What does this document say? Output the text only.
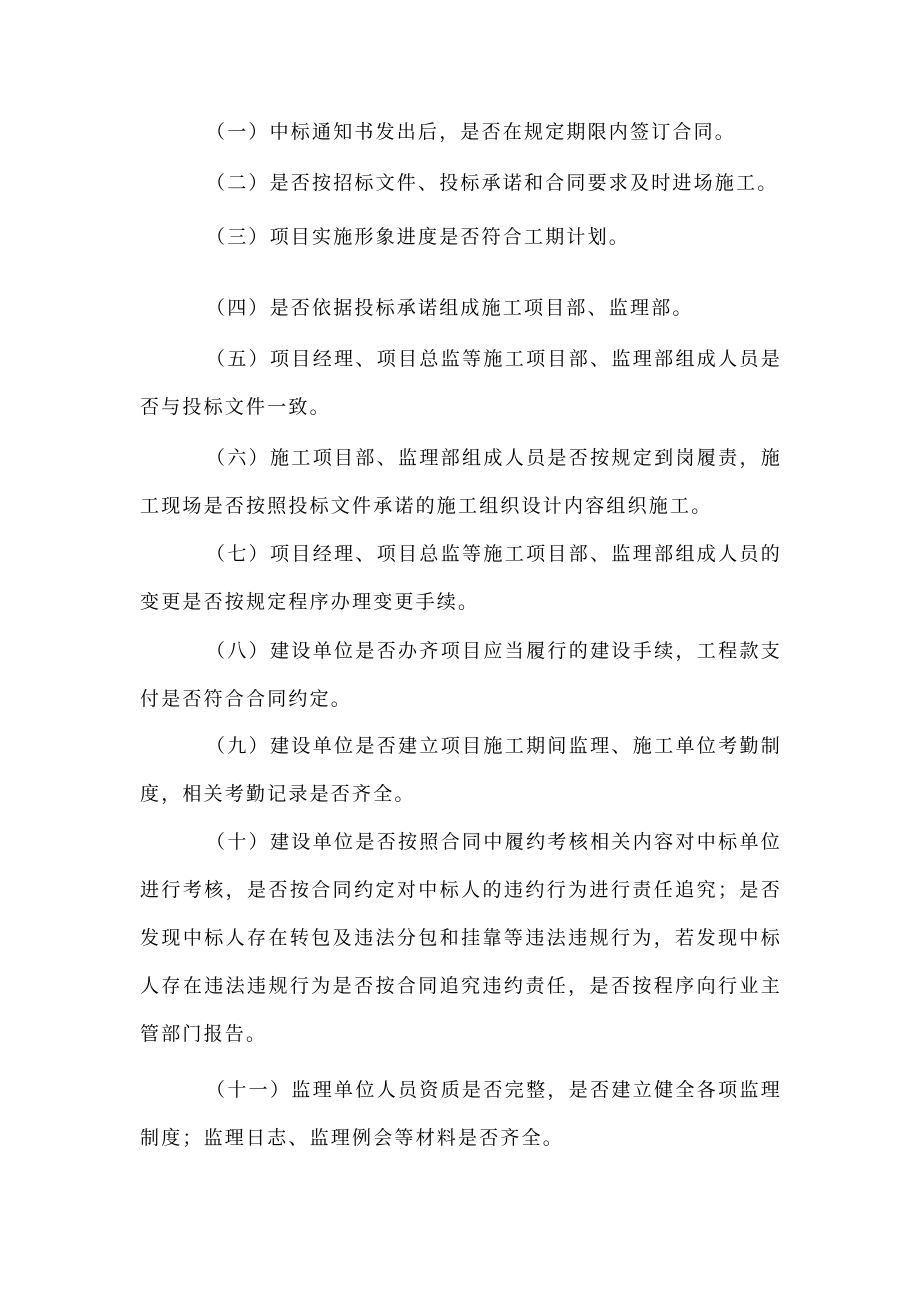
（一）中标通知书发出后，是否在规定期限内签订合同。

（二）是否按招标文件、投标承诺和合同要求及时进场施工。

（三）项目实施形象进度是否符合工期计划。

（四）是否依据投标承诺组成施工项目部、监理部。

（五）项目经理、项目总监等施工项目部、监理部组成人员是否与投标文件一致。

（六）施工项目部、监理部组成人员是否按规定到岗履责，施工现场是否按照投标文件承诺的施工组织设计内容组织施工。

（七）项目经理、项目总监等施工项目部、监理部组成人员的变更是否按规定程序办理变更手续。

（八）建设单位是否办齐项目应当履行的建设手续，工程款支付是否符合合同约定。

（九）建设单位是否建立项目施工期间监理、施工单位考勤制度，相关考勤记录是否齐全。

（十）建设单位是否按照合同中履约考核相关内容对中标单位进行考核，是否按合同约定对中标人的违约行为进行责任追究；是否发现中标人存在转包及违法分包和挂靠等违法违规行为，若发现中标人存在违法违规行为是否按合同追究违约责任，是否按程序向行业主管部门报告。

（十一）监理单位人员资质是否完整，是否建立健全各项监理制度；监理日志、监理例会等材料是否齐全。
